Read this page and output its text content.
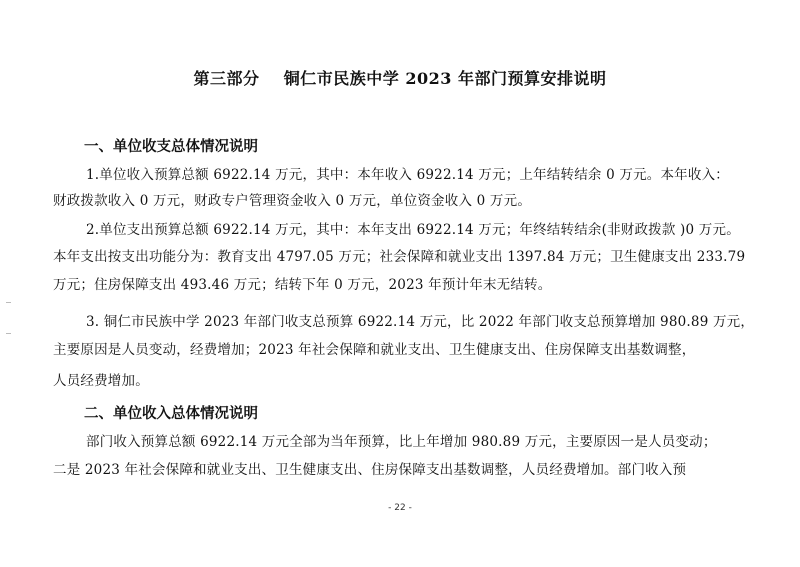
第三部分    铜仁市民族中学 2023 年部门预算安排说明
一、单位收支总体情况说明
1.单位收入预算总额 6922.14 万元，其中：本年收入 6922.14 万元；上年结转结余 0 万元。本年收入：
财政拨款收入 0 万元，财政专户管理资金收入 0 万元，单位资金收入 0 万元。
2.单位支出预算总额 6922.14 万元，其中：本年支出 6922.14 万元；年终结转结余(非财政拨款 )0 万元。
本年支出按支出功能分为：教育支出 4797.05 万元；社会保障和就业支出 1397.84 万元；卫生健康支出 233.79
万元；住房保障支出 493.46 万元；结转下年 0 万元，2023 年预计年末无结转。
3. 铜仁市民族中学 2023 年部门收支总预算 6922.14 万元，比 2022 年部门收支总预算增加 980.89 万元，
主要原因是人员变动，经费增加；2023 年社会保障和就业支出、卫生健康支出、住房保障支出基数调整，
人员经费增加。
二、单位收入总体情况说明
部门收入预算总额 6922.14 万元全部为当年预算，比上年增加 980.89 万元，主要原因一是人员变动；
二是 2023 年社会保障和就业支出、卫生健康支出、住房保障支出基数调整，人员经费增加。部门收入预
- 22 -
